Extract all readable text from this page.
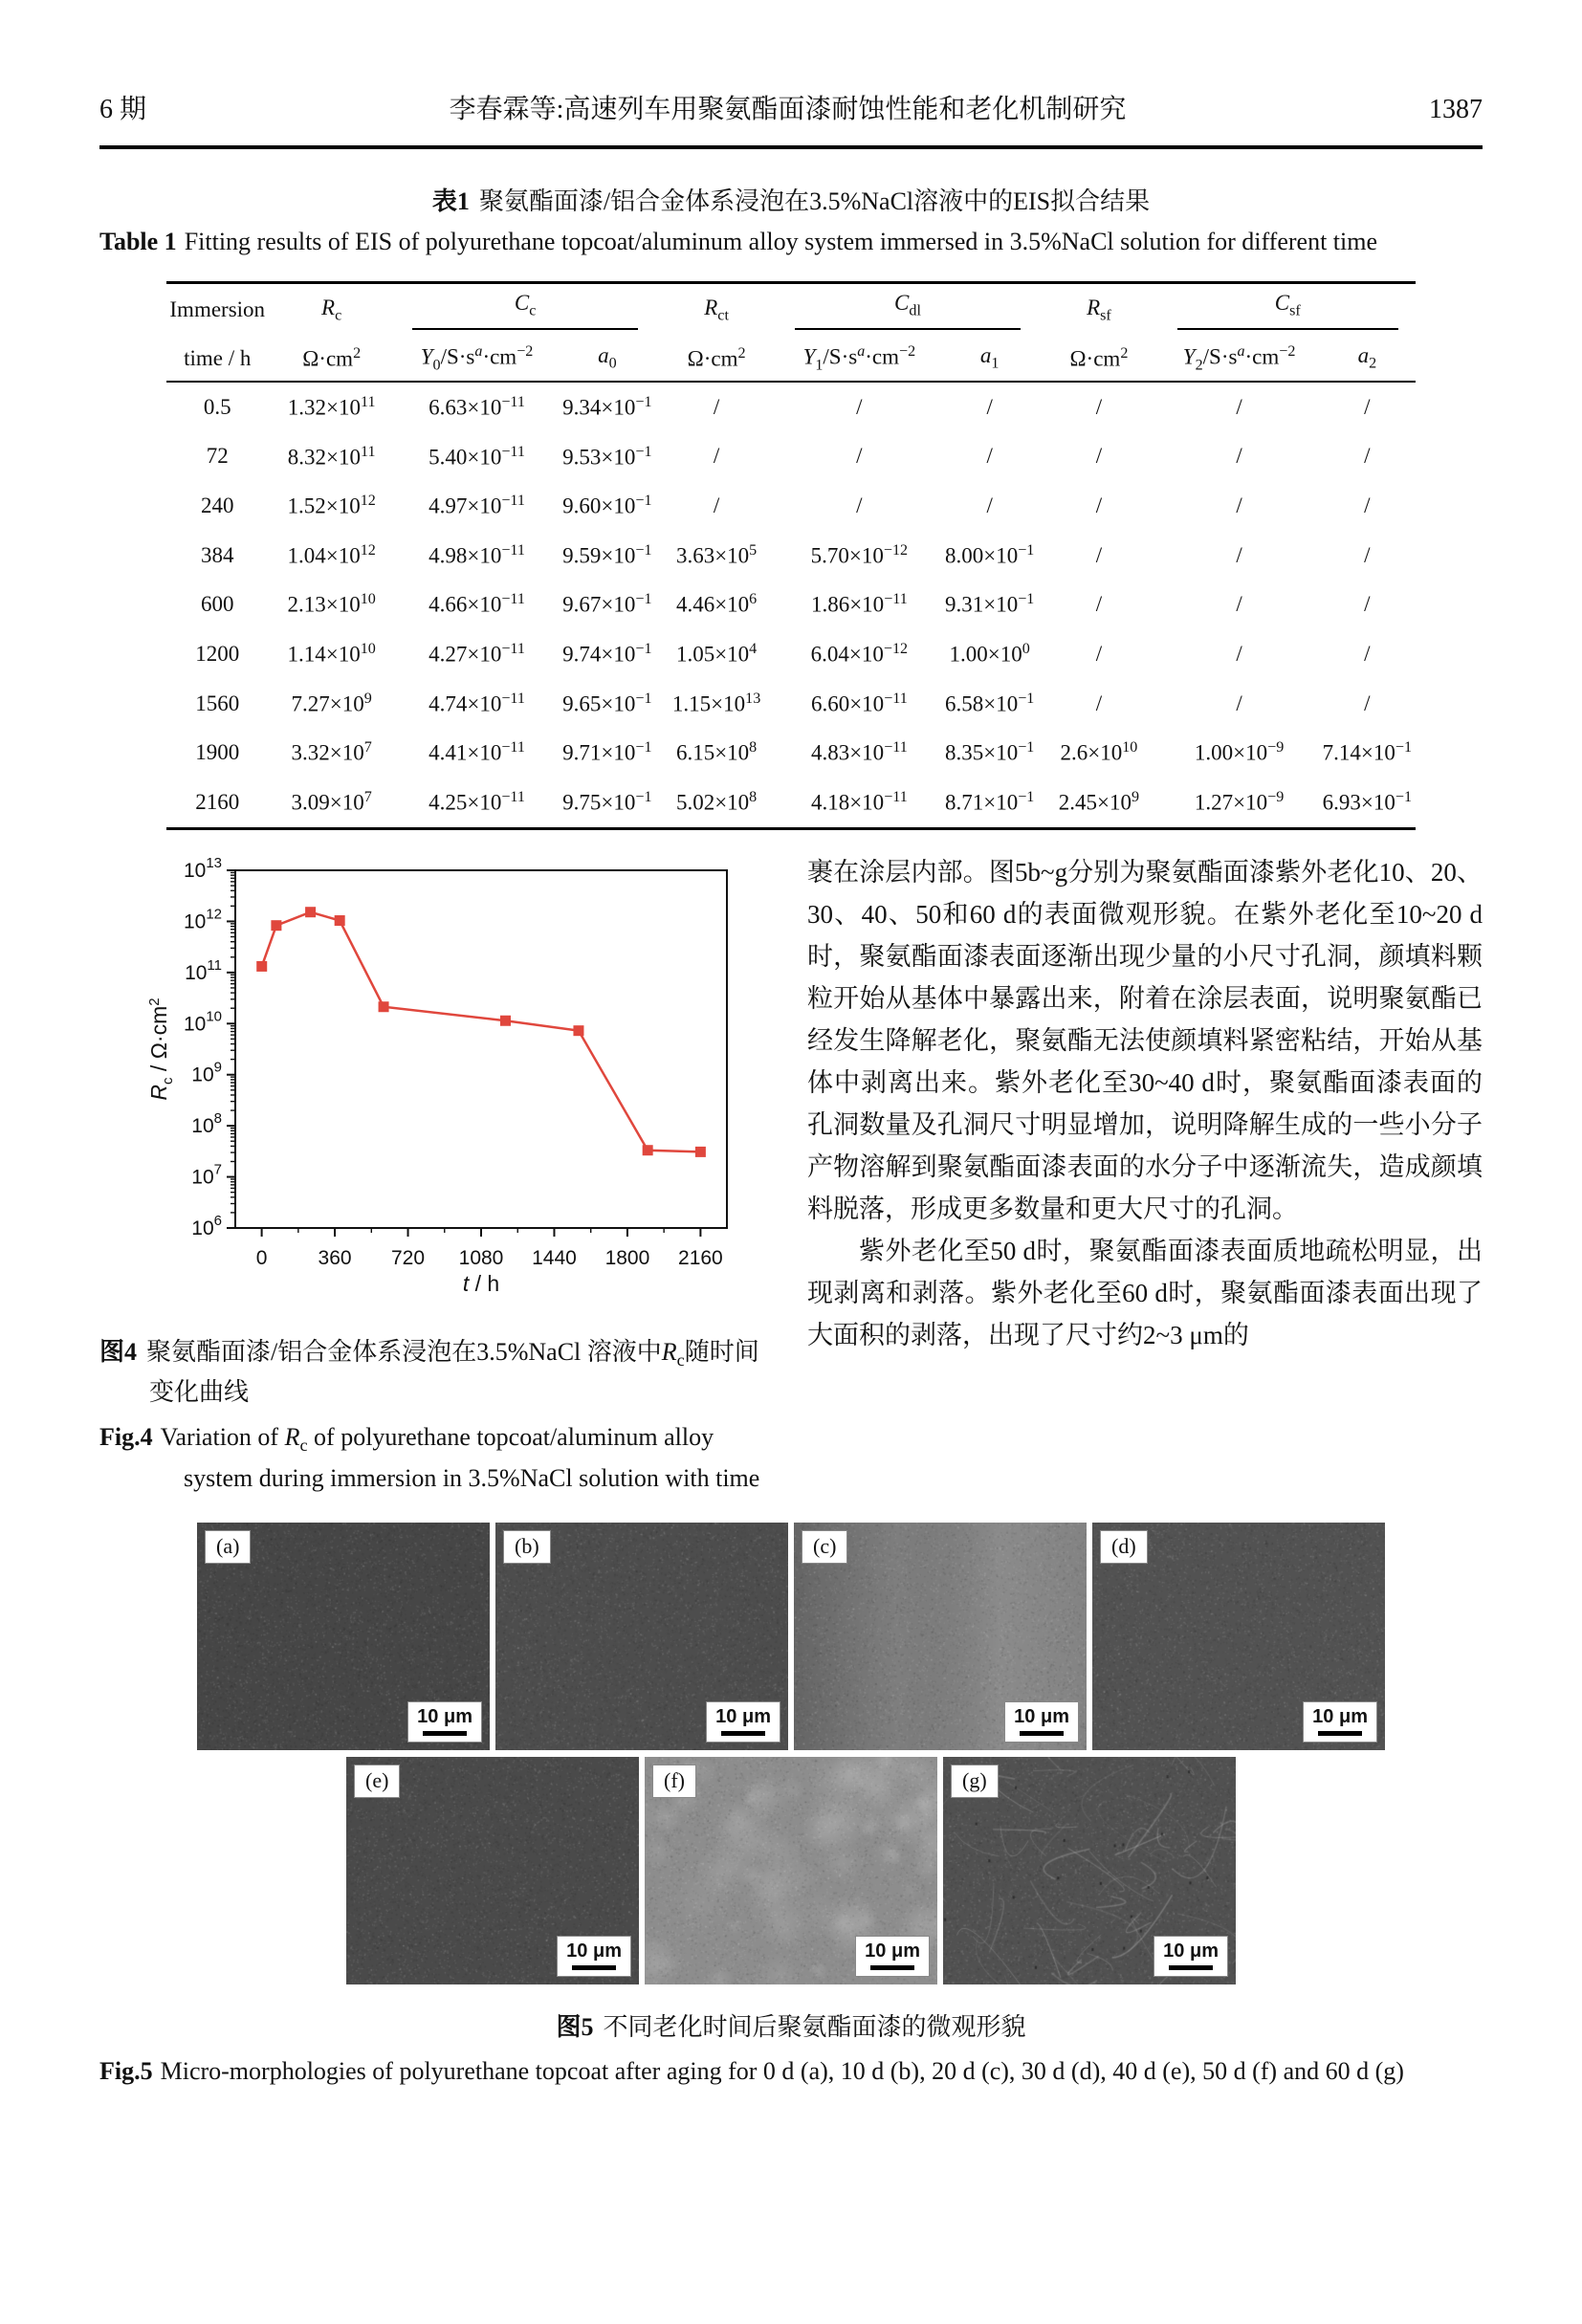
6 期	李春霖等:高速列车用聚氨酯面漆耐蚀性能和老化机制研究	1387

表1 聚氨酯面漆/铝合金体系浸泡在3.5%NaCl溶液中的EIS拟合结果

Table 1 Fitting results of EIS of polyurethane topcoat/aluminum alloy system immersed in 3.5%NaCl solution for different time

Immersion	$R_c$	$C_c$		$R_{ct}$	$C_{dl}$		$R_{sf}$	$C_{sf}$

time / h	$\Omega\cdot cm^2$	$Y_0/S\cdot s^a\cdot cm^{-2}$	$a_0$	$\Omega\cdot cm^2$	$Y_1/S\cdot s^a\cdot cm^{-2}$	$a_1$	$\Omega\cdot cm^2$	$Y_2/S\cdot s^a\cdot cm^{-2}$	$a_2$
0.5	$1.32\times 10^{11}$	$6.63\times 10^{-11}$	$9.34\times 10^{-1}$	/	/	/	/	/	/
72	$8.32\times 10^{11}$	$5.40\times 10^{-11}$	$9.53\times 10^{-1}$	/	/	/	/	/	/
240	$1.52\times 10^{12}$	$4.97\times 10^{-11}$	$9.60\times 10^{-1}$	/	/	/	/	/	/
384	$1.04\times 10^{12}$	$4.98\times 10^{-11}$	$9.59\times 10^{-1}$	$3.63\times 10^5$	$5.70\times 10^{-12}$	$8.00\times 10^{-1}$	/	/	/
600	$2.13\times 10^{10}$	$4.66\times 10^{-11}$	$9.67\times 10^{-1}$	$4.46\times 10^6$	$1.86\times 10^{-11}$	$9.31\times 10^{-1}$	/	/	/
1200	$1.14\times 10^{10}$	$4.27\times 10^{-11}$	$9.74\times 10^{-1}$	$1.05\times 10^4$	$6.04\times 10^{-12}$	$1.00\times 10^0$	/	/	/
1560	$7.27\times 10^9$	$4.74\times 10^{-11}$	$9.65\times 10^{-1}$	$1.15\times 10^{13}$	$6.60\times 10^{-11}$	$6.58\times 10^{-1}$	/	/	/
1900	$3.32\times 10^7$	$4.41\times 10^{-11}$	$9.71\times 10^{-1}$	$6.15\times 10^8$	$4.83\times 10^{-11}$	$8.35\times 10^{-1}$	$2.6\times 10^{10}$	$1.00\times 10^{-9}$	$7.14\times 10^{-1}$
2160	$3.09\times 10^7$	$4.25\times 10^{-11}$	$9.75\times 10^{-1}$	$5.02\times 10^8$	$4.18\times 10^{-11}$	$8.71\times 10^{-1}$	$2.45\times 10^9$	$1.27\times 10^{-9}$	$6.93\times 10^{-1}$
$10^6$
$10^7$
$10^8$
$10^9$
$10^{10}$
$10^{11}$
$10^{12}$
$10^{13}$
0	360 720 1080 1440 1800 2160
t / h
$R_c / \Omega\cdot cm^2$

图4 聚氨酯面漆/铝合金体系浸泡在3.5%NaCl 溶液中$R_c$随时间变化曲线

Fig.4 Variation of $R_c$ of polyurethane topcoat/aluminum alloy system during immersion in 3.5%NaCl solution with time

裹在涂层内部。图5b~g分别为聚氨酯面漆紫外老化10、20、30、40、50和60 d的表面微观形貌。在紫外老化至10~20 d时，聚氨酯面漆表面逐渐出现少量的小尺寸孔洞，颜填料颗粒开始从基体中暴露出来，附着在涂层表面，说明聚氨酯已经发生降解老化，聚氨酯无法使颜填料紧密粘结，开始从基体中剥离出来。紫外老化至30~40 d时，聚氨酯面漆表面的孔洞数量及孔洞尺寸明显增加，说明降解生成的一些小分子产物溶解到聚氨酯面漆表面的水分子中逐渐流失，造成颜填料脱落，形成更多数量和更大尺寸的孔洞。

紫外老化至50 d时，聚氨酯面漆表面质地疏松明显，出现剥离和剥落。紫外老化至60 d时，聚氨酯面漆表面出现了大面积的剥落，出现了尺寸约2~3 μm的

(a)
10 μm
(b)
10 μm
(c)
10 μm
(d)
10 μm
(e)
10 μm
(f)
10 μm
(g)
10 μm

图5 不同老化时间后聚氨酯面漆的微观形貌

Fig.5 Micro-morphologies of polyurethane topcoat after aging for 0 d (a), 10 d (b), 20 d (c), 30 d (d), 40 d (e), 50 d (f) and 60 d (g)
